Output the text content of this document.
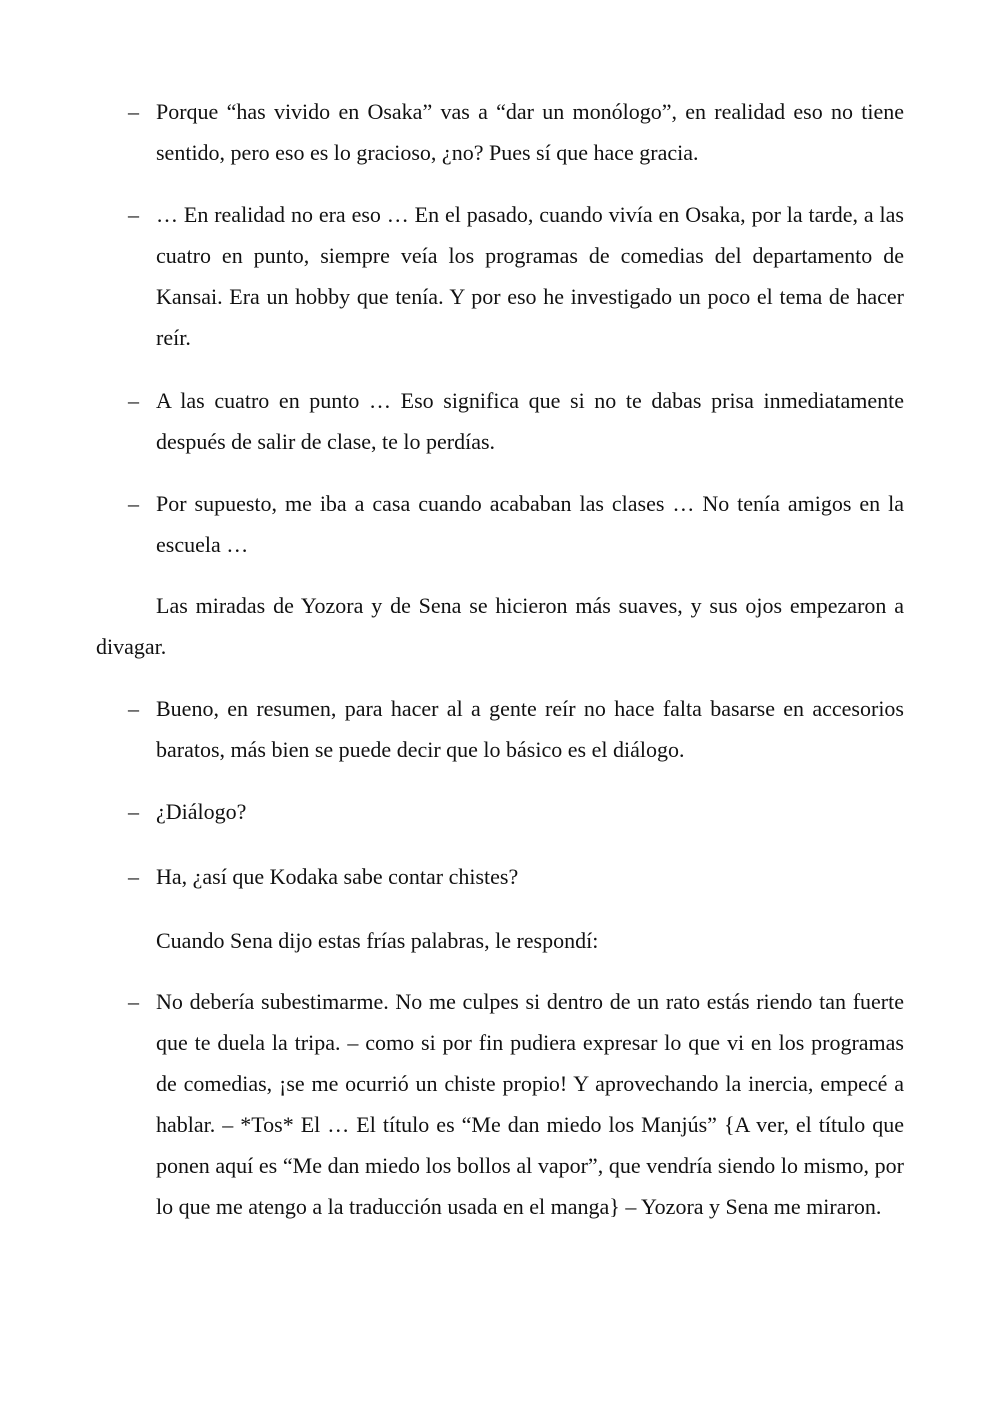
– Porque “has vivido en Osaka” vas a “dar un monólogo”, en realidad eso no tiene sentido, pero eso es lo gracioso, ¿no? Pues sí que hace gracia.
– … En realidad no era eso … En el pasado, cuando vivía en Osaka, por la tarde, a las cuatro en punto, siempre veía los programas de comedias del departamento de Kansai. Era un hobby que tenía. Y por eso he investigado un poco el tema de hacer reír.
– A las cuatro en punto … Eso significa que si no te dabas prisa inmediatamente después de salir de clase, te lo perdías.
– Por supuesto, me iba a casa cuando acababan las clases … No tenía amigos en la escuela …
Las miradas de Yozora y de Sena se hicieron más suaves, y sus ojos empezaron a divagar.
– Bueno, en resumen, para hacer al a gente reír no hace falta basarse en accesorios baratos, más bien se puede decir que lo básico es el diálogo.
– ¿Diálogo?
– Ha, ¿así que Kodaka sabe contar chistes?
Cuando Sena dijo estas frías palabras, le respondí:
– No debería subestimarme. No me culpes si dentro de un rato estás riendo tan fuerte que te duela la tripa. – como si por fin pudiera expresar lo que vi en los programas de comedias, ¡se me ocurrió un chiste propio! Y aprovechando la inercia, empecé a hablar. – *Tos* El … El título es “Me dan miedo los Manjús” {A ver, el título que ponen aquí es “Me dan miedo los bollos al vapor”, que vendría siendo lo mismo, por lo que me atengo a la traducción usada en el manga} – Yozora y Sena me miraron.
